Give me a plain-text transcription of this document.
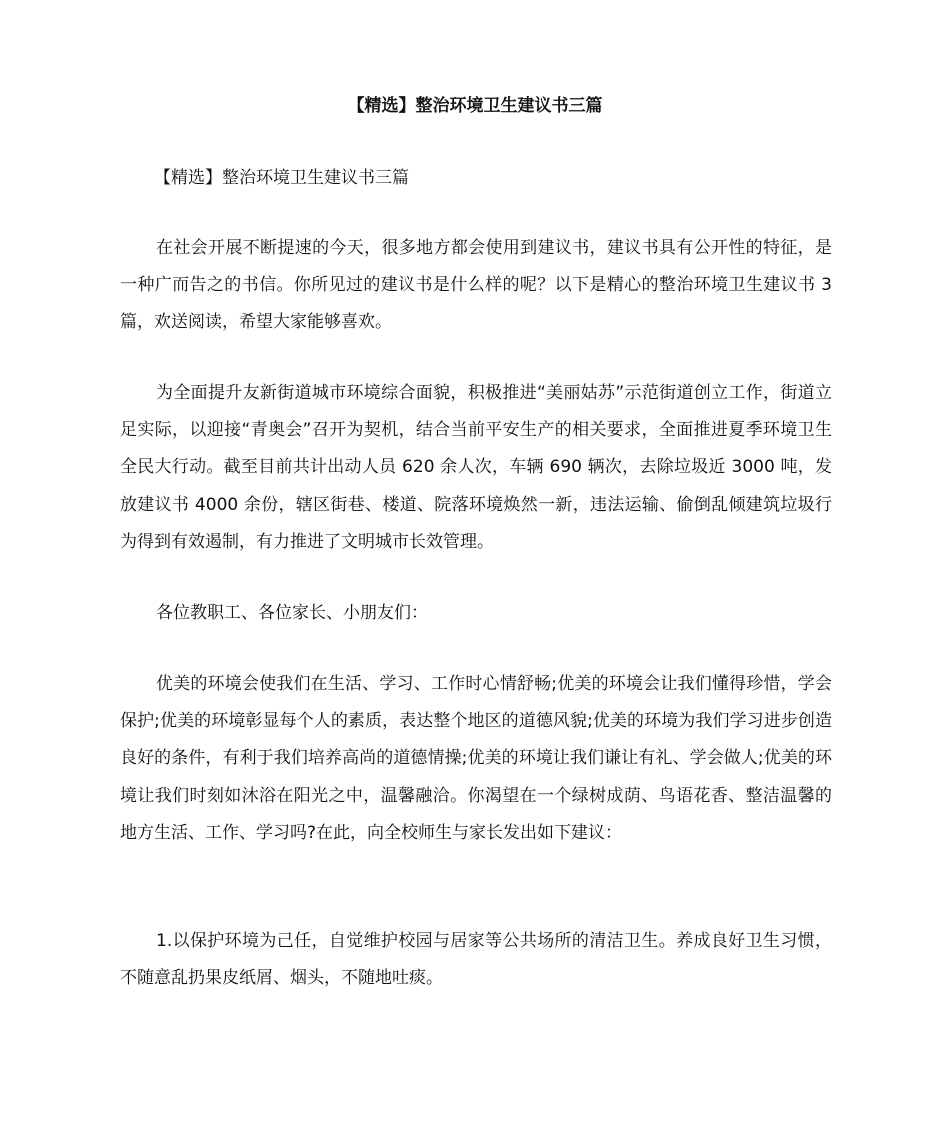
【精选】整治环境卫生建议书三篇

【精选】整治环境卫生建议书三篇

在社会开展不断提速的今天，很多地方都会使用到建议书，建议书具有公开性的特征，是一种广而告之的书信。你所见过的建议书是什么样的呢？以下是精心的整治环境卫生建议书 3 篇，欢送阅读，希望大家能够喜欢。

为全面提升友新街道城市环境综合面貌，积极推进“美丽姑苏”示范街道创立工作，街道立足实际，以迎接“青奥会”召开为契机，结合当前平安生产的相关要求，全面推进夏季环境卫生全民大行动。截至目前共计出动人员 620 余人次，车辆 690 辆次，去除垃圾近 3000 吨，发放建议书 4000 余份，辖区街巷、楼道、院落环境焕然一新，违法运输、偷倒乱倾建筑垃圾行为得到有效遏制，有力推进了文明城市长效管理。

各位教职工、各位家长、小朋友们：

优美的环境会使我们在生活、学习、工作时心情舒畅;优美的环境会让我们懂得珍惜，学会保护;优美的环境彰显每个人的素质，表达整个地区的道德风貌;优美的环境为我们学习进步创造良好的条件，有利于我们培养高尚的道德情操;优美的环境让我们谦让有礼、学会做人;优美的环境让我们时刻如沐浴在阳光之中，温馨融洽。你渴望在一个绿树成荫、鸟语花香、整洁温馨的地方生活、工作、学习吗?在此，向全校师生与家长发出如下建议：

1.以保护环境为己任，自觉维护校园与居家等公共场所的清洁卫生。养成良好卫生习惯，不随意乱扔果皮纸屑、烟头，不随地吐痰。
